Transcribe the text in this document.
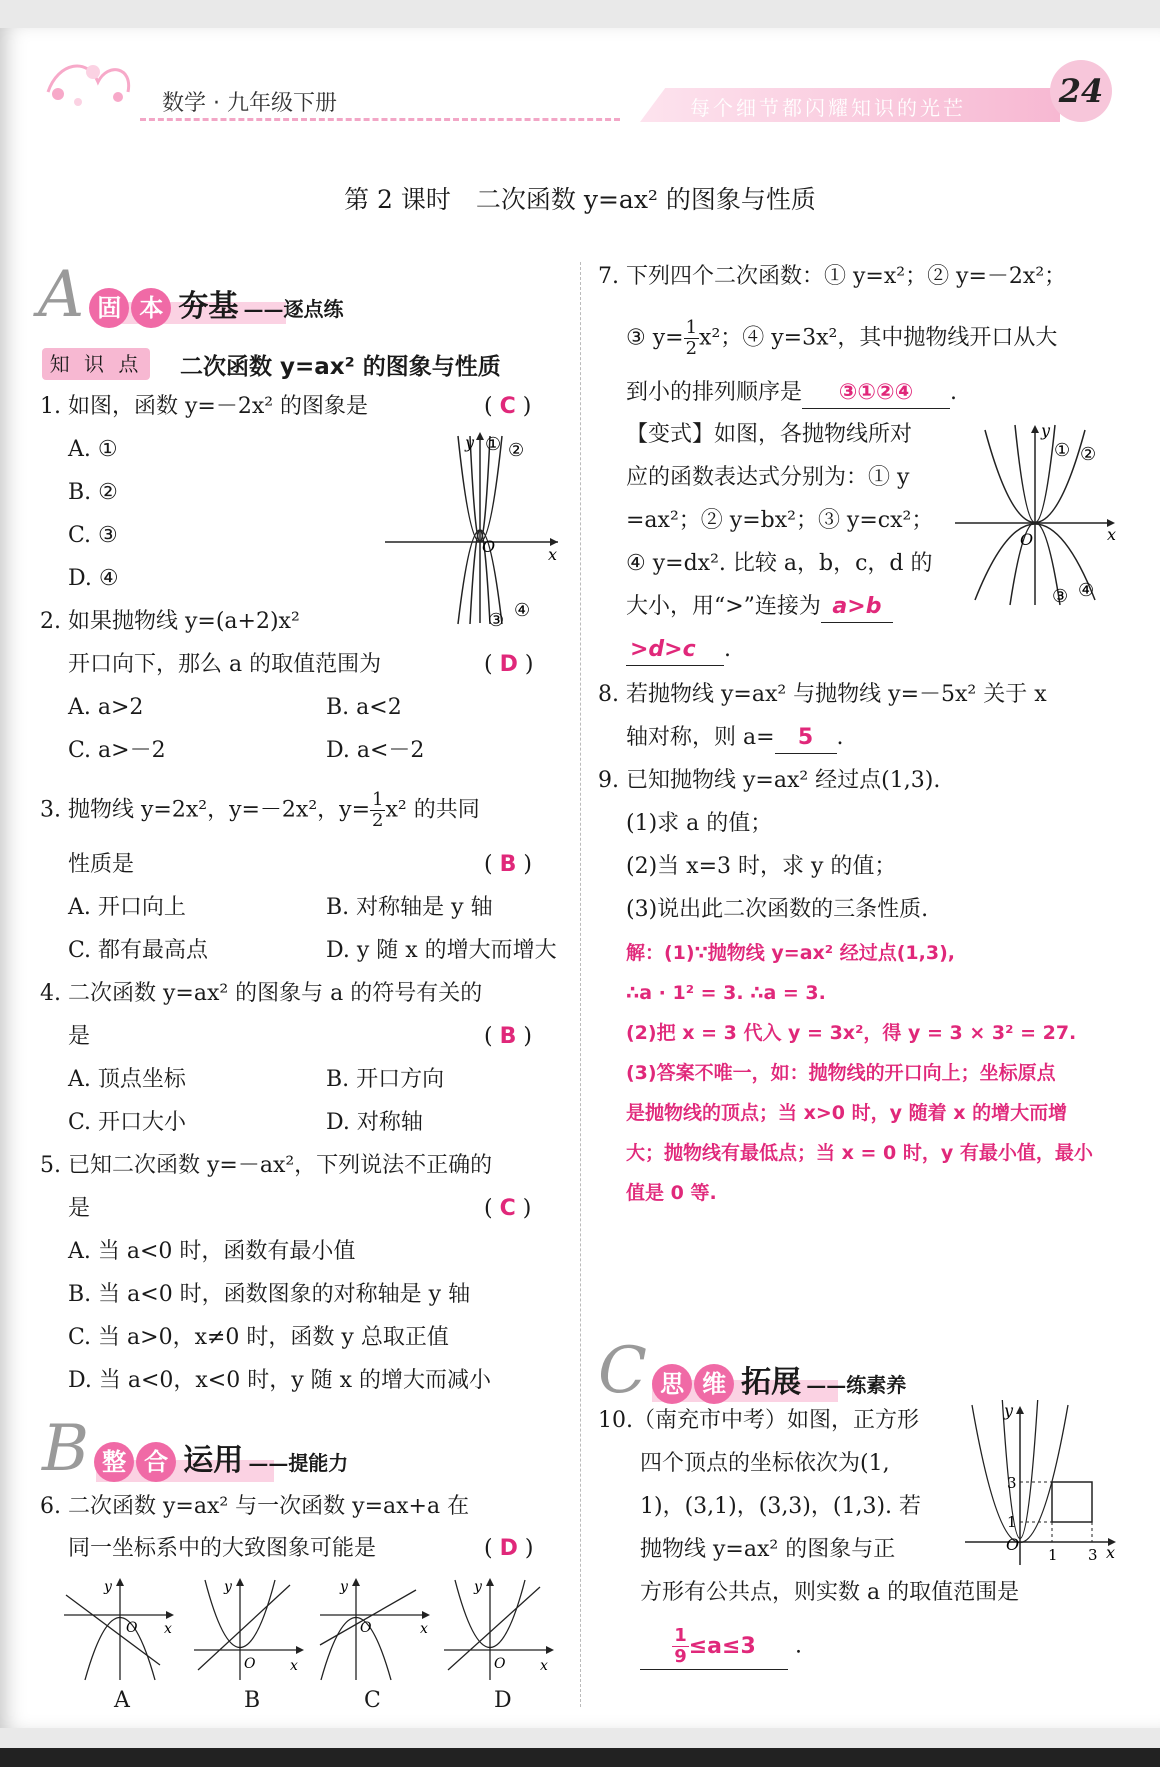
数学 · 九年级下册	每个细节都闪耀知识的光芒	24
第 2 课时　二次函数 y=ax² 的图象与性质
A 固 本 夯基 ——逐点练
知 识 点	二次函数 y=ax² 的图象与性质
1. 如图，函数 y=－2x² 的图象是	( C )
A. ①
B. ②
C. ③
D. ④
y
O	x
① ②
③ ④
2. 如果抛物线 y=(a+2)x²
开口向下，那么 a 的取值范围为	( D )
A. a>2	B. a<2
C. a>－2	D. a<－2
3. 抛物线 y=2x²，y=－2x²，$y= \frac{1}{2} x^2$ 的共同
性质是	( B )
A. 开口向上	B. 对称轴是 y 轴
C. 都有最高点	D. y 随 x 的增大而增大
4. 二次函数 y=ax² 的图象与 a 的符号有关的
是	( B )
A. 顶点坐标	B. 开口方向
C. 开口大小	D. 对称轴
5. 已知二次函数 y=－ax²，下列说法不正确的
是	( C )
A. 当 a<0 时，函数有最小值
B. 当 a<0 时，函数图象的对称轴是 y 轴
C. 当 a>0，x≠0 时，函数 y 总取正值
D. 当 a<0，x<0 时，y 随 x 的增大而减小
B 整 合 运用 ——提能力
6. 二次函数 y=ax² 与一次函数 y=ax+a 在
同一坐标系中的大致图象可能是	( D )
y
O x
y
O x
y
O	x
y
O x
A	B	C	D
7. 下列四个二次函数：① y=x²；② y=－2x²；
③ $y= \frac{1}{2} x^2$；④ y=3x²，其中抛物线开口从大
到小的排列顺序是 ③①②④ .
【变式】如图，各抛物线所对
应的函数表达式分别为：① y
=ax²；② y=bx²；③ y=cx²；
④ y=dx². 比较 a，b，c，d 的
大小，用“>”连接为 a>b
>d>c .
y
O	x
① ②
③ ④
8. 若抛物线 y=ax² 与抛物线 y=－5x² 关于 x
轴对称，则 a= 5 .
9. 已知抛物线 y=ax² 经过点(1,3).
(1)求 a 的值；
(2)当 x=3 时，求 y 的值；
(3)说出此二次函数的三条性质.
解：(1)∵抛物线 y=ax² 经过点(1,3),
∴a · 1² = 3. ∴a = 3.
(2)把 x = 3 代入 y = 3x²，得 y = 3 × 3² = 27.
(3)答案不唯一，如：抛物线的开口向上；坐标原点
是抛物线的顶点；当 x>0 时，y 随着 x 的增大而增
大；抛物线有最低点；当 x = 0 时，y 有最小值，最小
值是 0 等.
C 思 维 拓展 ——练素养
10.（南充市中考）如图，正方形
四个顶点的坐标依次为(1,
1)，(3,1)，(3,3)，(1,3). 若
抛物线 y=ax² 的图象与正
方形有公共点，则实数 a 的取值范围是
$\frac{1}{9} \le a\le 3$ .
O	x
y
3
1
1 3
